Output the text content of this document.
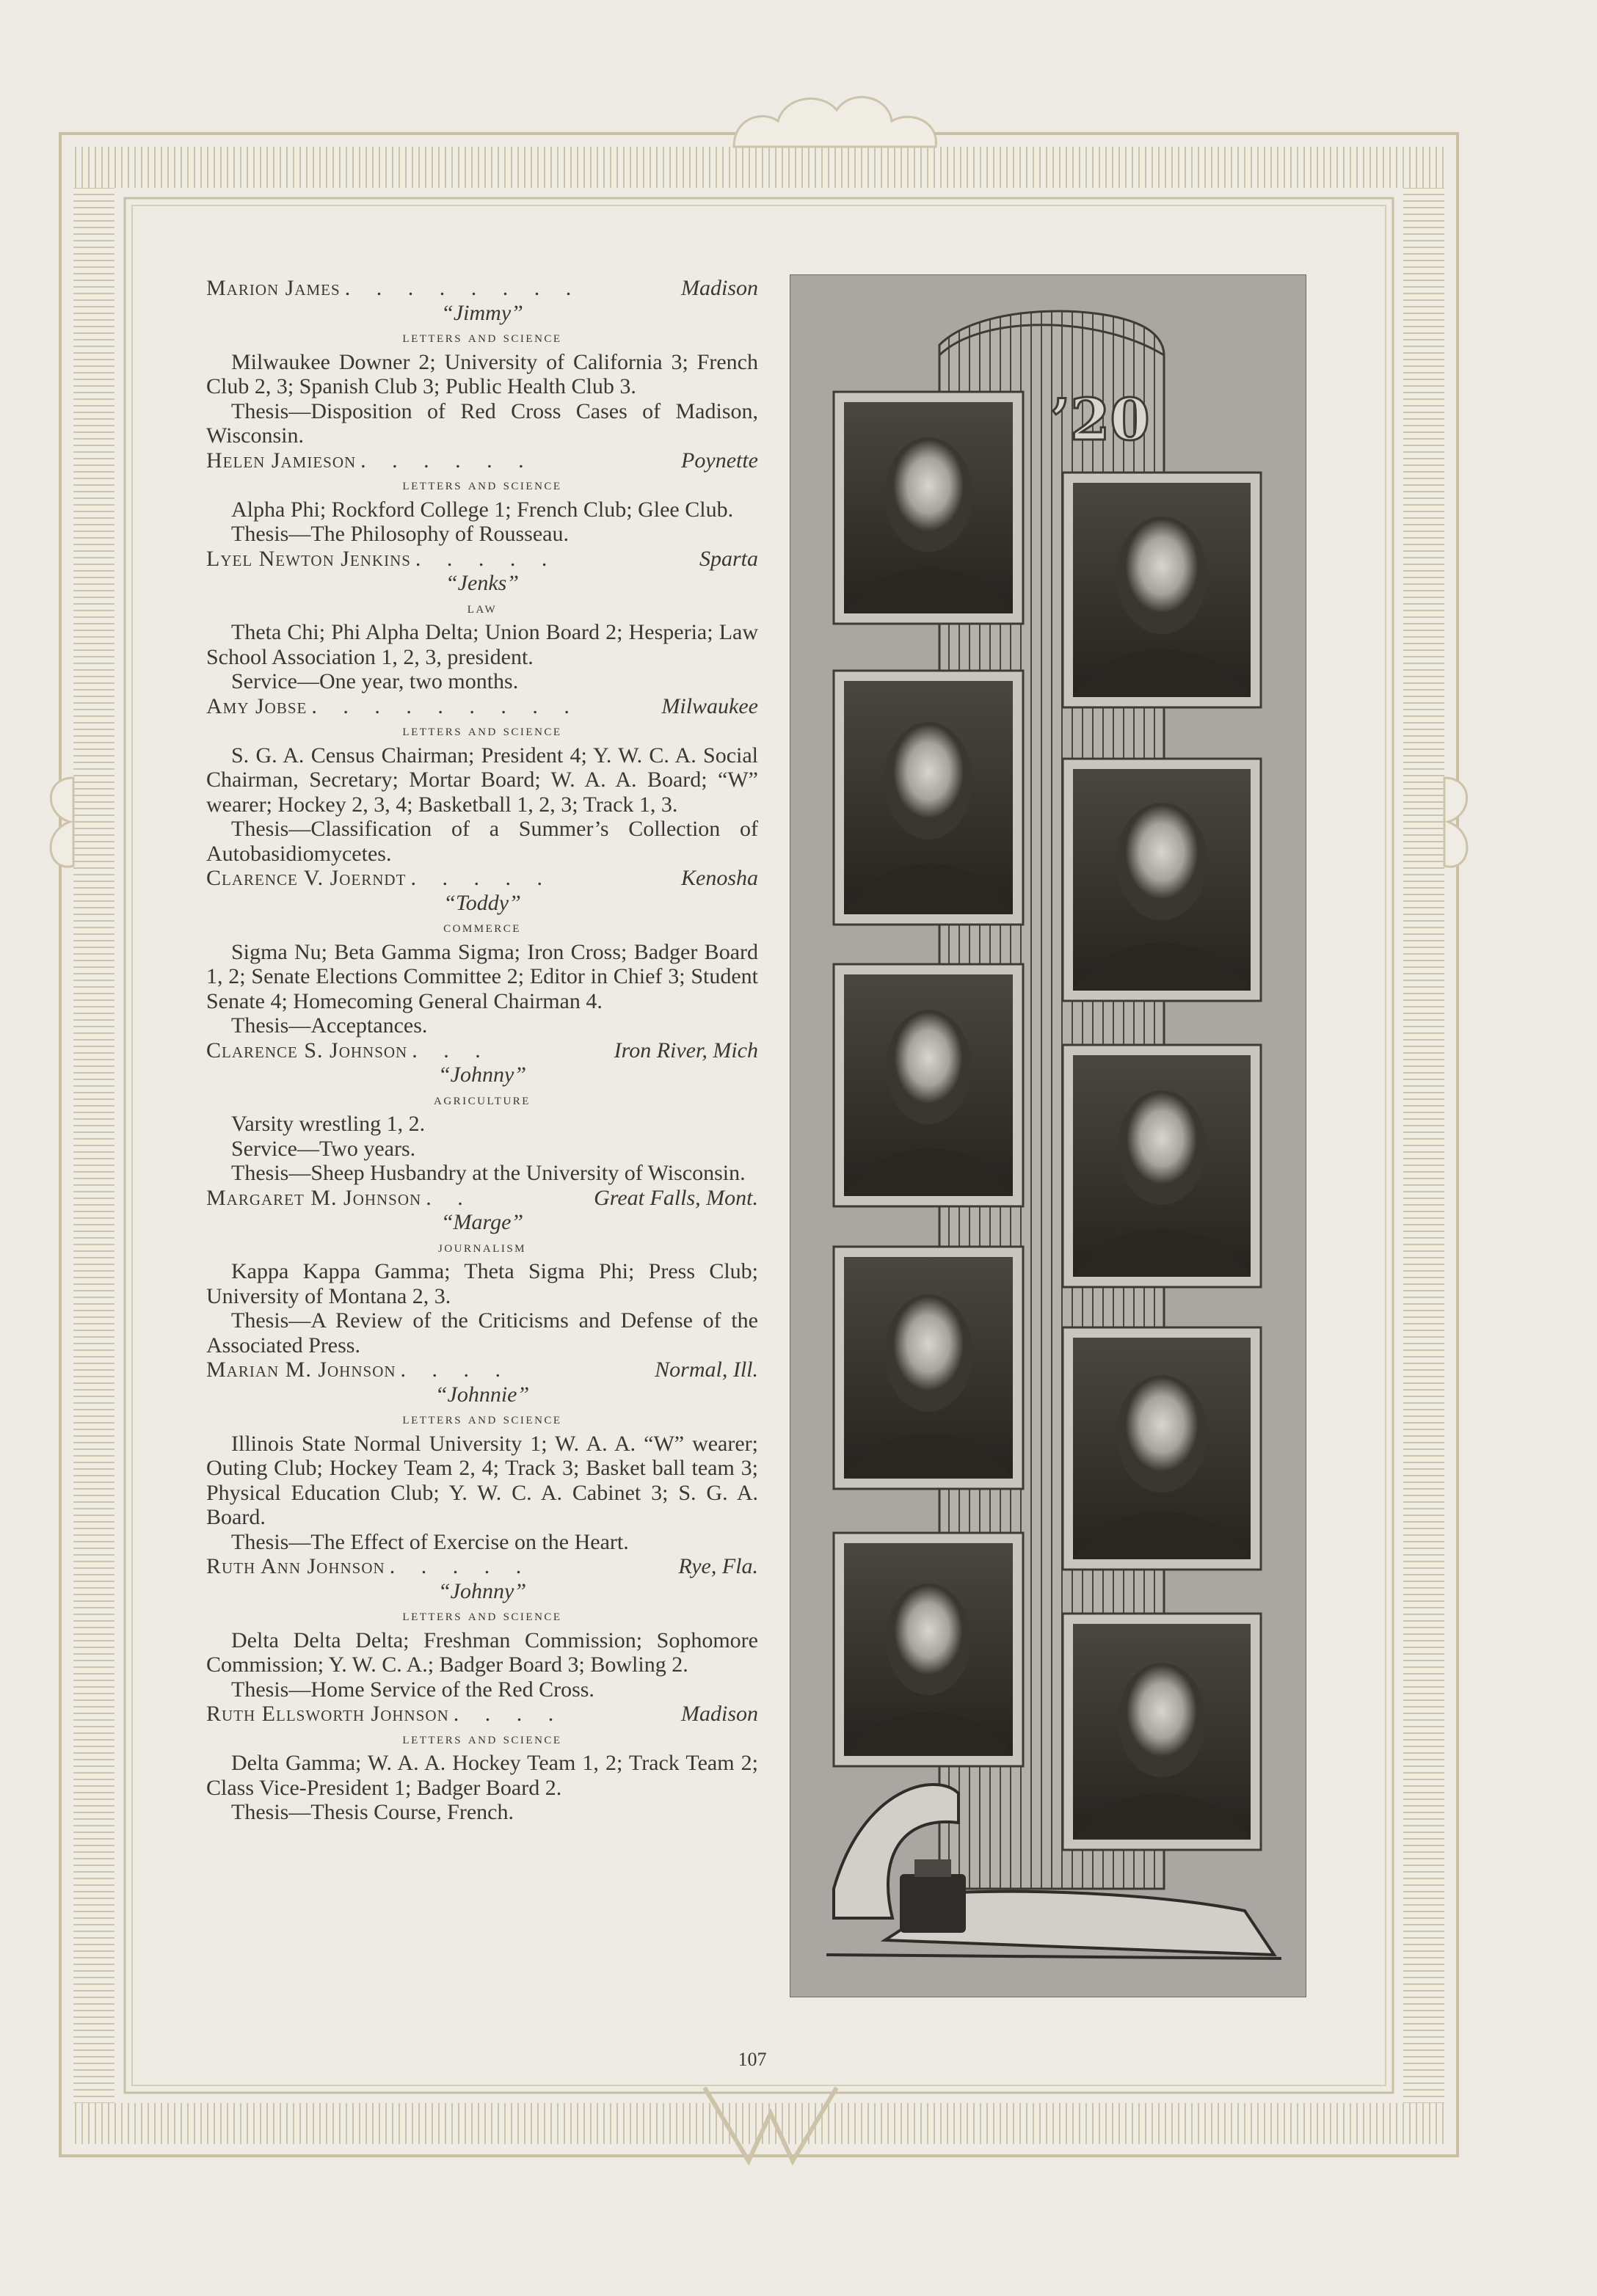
Marion James . . . . . . . .	Madison
“Jimmy”
letters and science
Milwaukee Downer 2; University of California 3; French Club 2, 3; Spanish Club 3; Public Health Club 3.
Thesis—Disposition of Red Cross Cases of Madison, Wisconsin.
Helen Jamieson . . . . . .	Poynette
letters and science
Alpha Phi; Rockford College 1; French Club; Glee Club.
Thesis—The Philosophy of Rousseau.
Lyel Newton Jenkins . . . . .	Sparta
“Jenks”
law
Theta Chi; Phi Alpha Delta; Union Board 2; Hesperia; Law School Association 1, 2, 3, president.
Service—One year, two months.
Amy Jobse . . . . . . . . .	Milwaukee
letters and science
S. G. A. Census Chairman; President 4; Y. W. C. A. Social Chairman, Secretary; Mortar Board; W. A. A. Board; “W” wearer; Hockey 2, 3, 4; Basketball 1, 2, 3; Track 1, 3.
Thesis—Classification of a Summer’s Collection of Autobasidiomycetes.
Clarence V. Joerndt . . . . .	Kenosha
“Toddy”
commerce
Sigma Nu; Beta Gamma Sigma; Iron Cross; Badger Board 1, 2; Senate Elections Committee 2; Editor in Chief 3; Student Senate 4; Homecoming General Chairman 4.
Thesis—Acceptances.
Clarence S. Johnson . . .	Iron River, Mich
“Johnny”
agriculture
Varsity wrestling 1, 2.
Service—Two years.
Thesis—Sheep Husbandry at the University of Wisconsin.
Margaret M. Johnson . .	Great Falls, Mont.
“Marge”
journalism
Kappa Kappa Gamma; Theta Sigma Phi; Press Club; University of Montana 2, 3.
Thesis—A Review of the Criticisms and Defense of the Associated Press.
Marian M. Johnson . . . .	Normal, Ill.
“Johnnie”
letters and science
Illinois State Normal University 1; W. A. A. “W” wearer; Outing Club; Hockey Team 2, 4; Track 3; Basket ball team 3; Physical Education Club; Y. W. C. A. Cabinet 3; S. G. A. Board.
Thesis—The Effect of Exercise on the Heart.
Ruth Ann Johnson . . . . .	Rye, Fla.
“Johnny”
letters and science
Delta Delta Delta; Freshman Commission; Sophomore Commission; Y. W. C. A.; Badger Board 3; Bowling 2.
Thesis—Home Service of the Red Cross.
Ruth Ellsworth Johnson . . . .	Madison
letters and science
Delta Gamma; W. A. A. Hockey Team 1, 2; Track Team 2; Class Vice-President 1; Badger Board 2.
Thesis—Thesis Course, French.
’20
107
